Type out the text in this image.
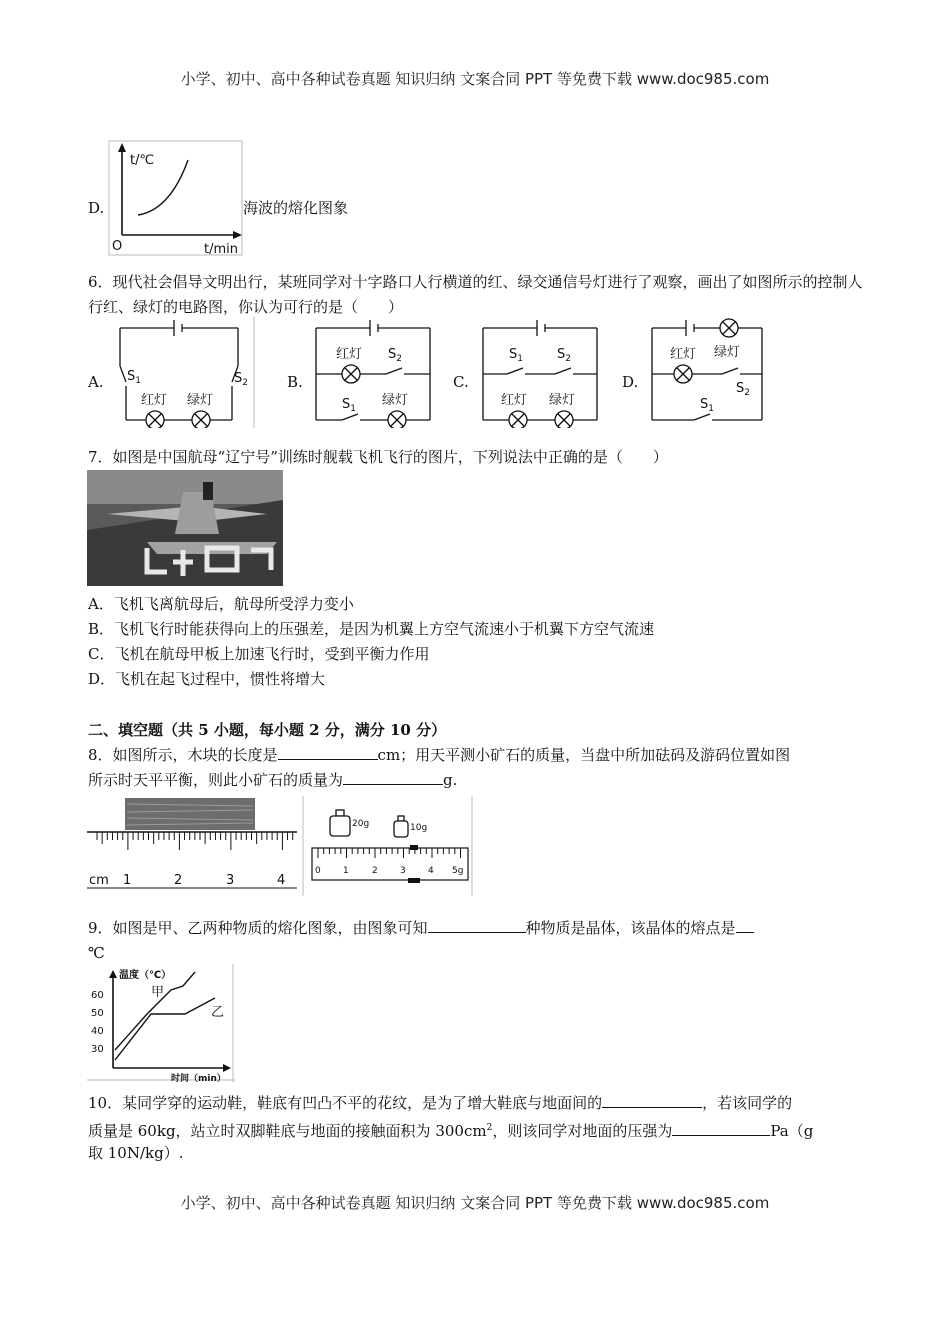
小学、初中、高中各种试卷真题 知识归纳 文案合同 PPT 等免费下载 www.doc985.com
小学、初中、高中各种试卷真题 知识归纳 文案合同 PPT 等免费下载 www.doc985.com
D.
t/℃
t/min
O
海波的熔化图象
6．现代社会倡导文明出行，某班同学对十字路口人行横道的红、绿交通信号灯进行了观察，画出了如图所示的控制人行红、绿灯的电路图，你认为可行的是（　　）
A.	B.	C.	D.
$S_1$	$S_2$
红灯 绿灯
红灯 $S_2$
$S_1$
绿灯
$S_1$	$S_2$
红灯 绿灯
红灯 绿灯
$S_2$
$S_1$
7．如图是中国航母“辽宁号”训练时舰载飞机飞行的图片，下列说法中正确的是（　　）
A．飞机飞离航母后，航母所受浮力变小
B．飞机飞行时能获得向上的压强差，是因为机翼上方空气流速小于机翼下方空气流速
C．飞机在航母甲板上加速飞行时，受到平衡力作用
D．飞机在起飞过程中，惯性将增大
二、填空题（共 5 小题，每小题 2 分，满分 10 分）
8．如图所示，木块的长度是	cm；用天平测小矿石的质量，当盘中所加砝码及游码位置如图
所示时天平平衡，则此小矿石的质量为	g.
cm 1	2	3	4
20g	10g
0 1	2 3 4 5g
9．如图是甲、乙两种物质的熔化图象，由图象可知	种物质是晶体，该晶体的熔点是
℃
温度（℃）
60
50
40
30
甲
乙
时间（min）
10．某同学穿的运动鞋，鞋底有凹凸不平的花纹，是为了增大鞋底与地面间的	，若该同学的
质量是 60kg，站立时双脚鞋底与地面的接触面积为 $300cm^2$，则该同学对地面的压强为	Pa（g
取 10N/kg）.
